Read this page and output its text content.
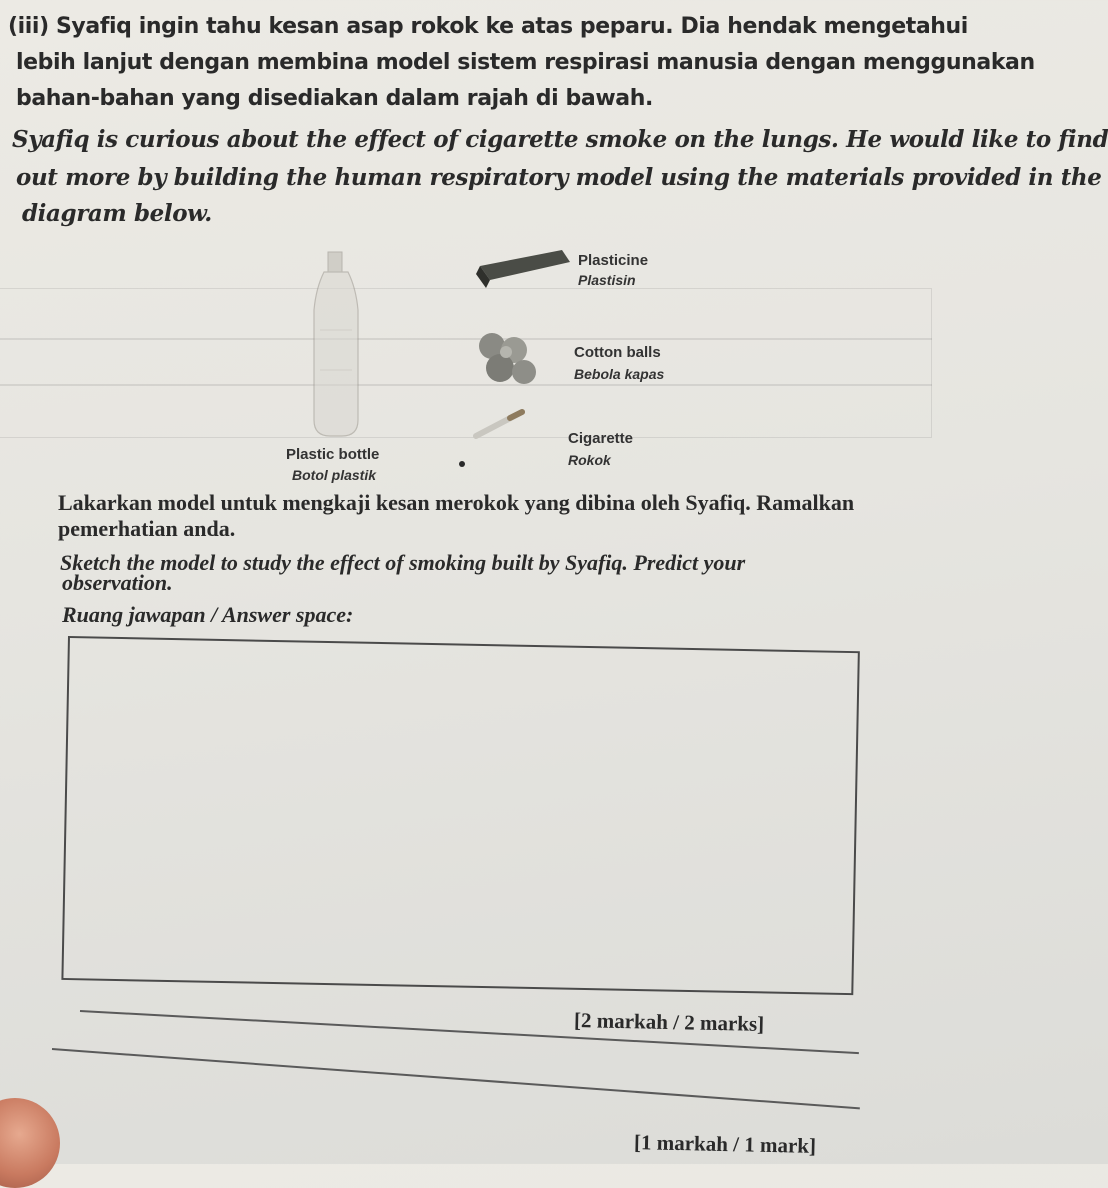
(iii) Syafiq ingin tahu kesan asap rokok ke atas peparu. Dia hendak mengetahui
lebih lanjut dengan membina model sistem respirasi manusia dengan menggunakan
bahan-bahan yang disediakan dalam rajah di bawah.
Syafiq is curious about the effect of cigarette smoke on the lungs. He would like to find
out more by building the human respiratory model using the materials provided in the
diagram below.
Plasticine
Plastisin
Cotton balls
Bebola kapas
Cigarette
Rokok
Plastic bottle
Botol plastik
Lakarkan model untuk mengkaji kesan merokok yang dibina oleh Syafiq. Ramalkan
pemerhatian anda.
Sketch the model to study the effect of smoking built by Syafiq. Predict your
observation.
Ruang jawapan / Answer space:
[2 markah / 2 marks]
[1 markah / 1 mark]
